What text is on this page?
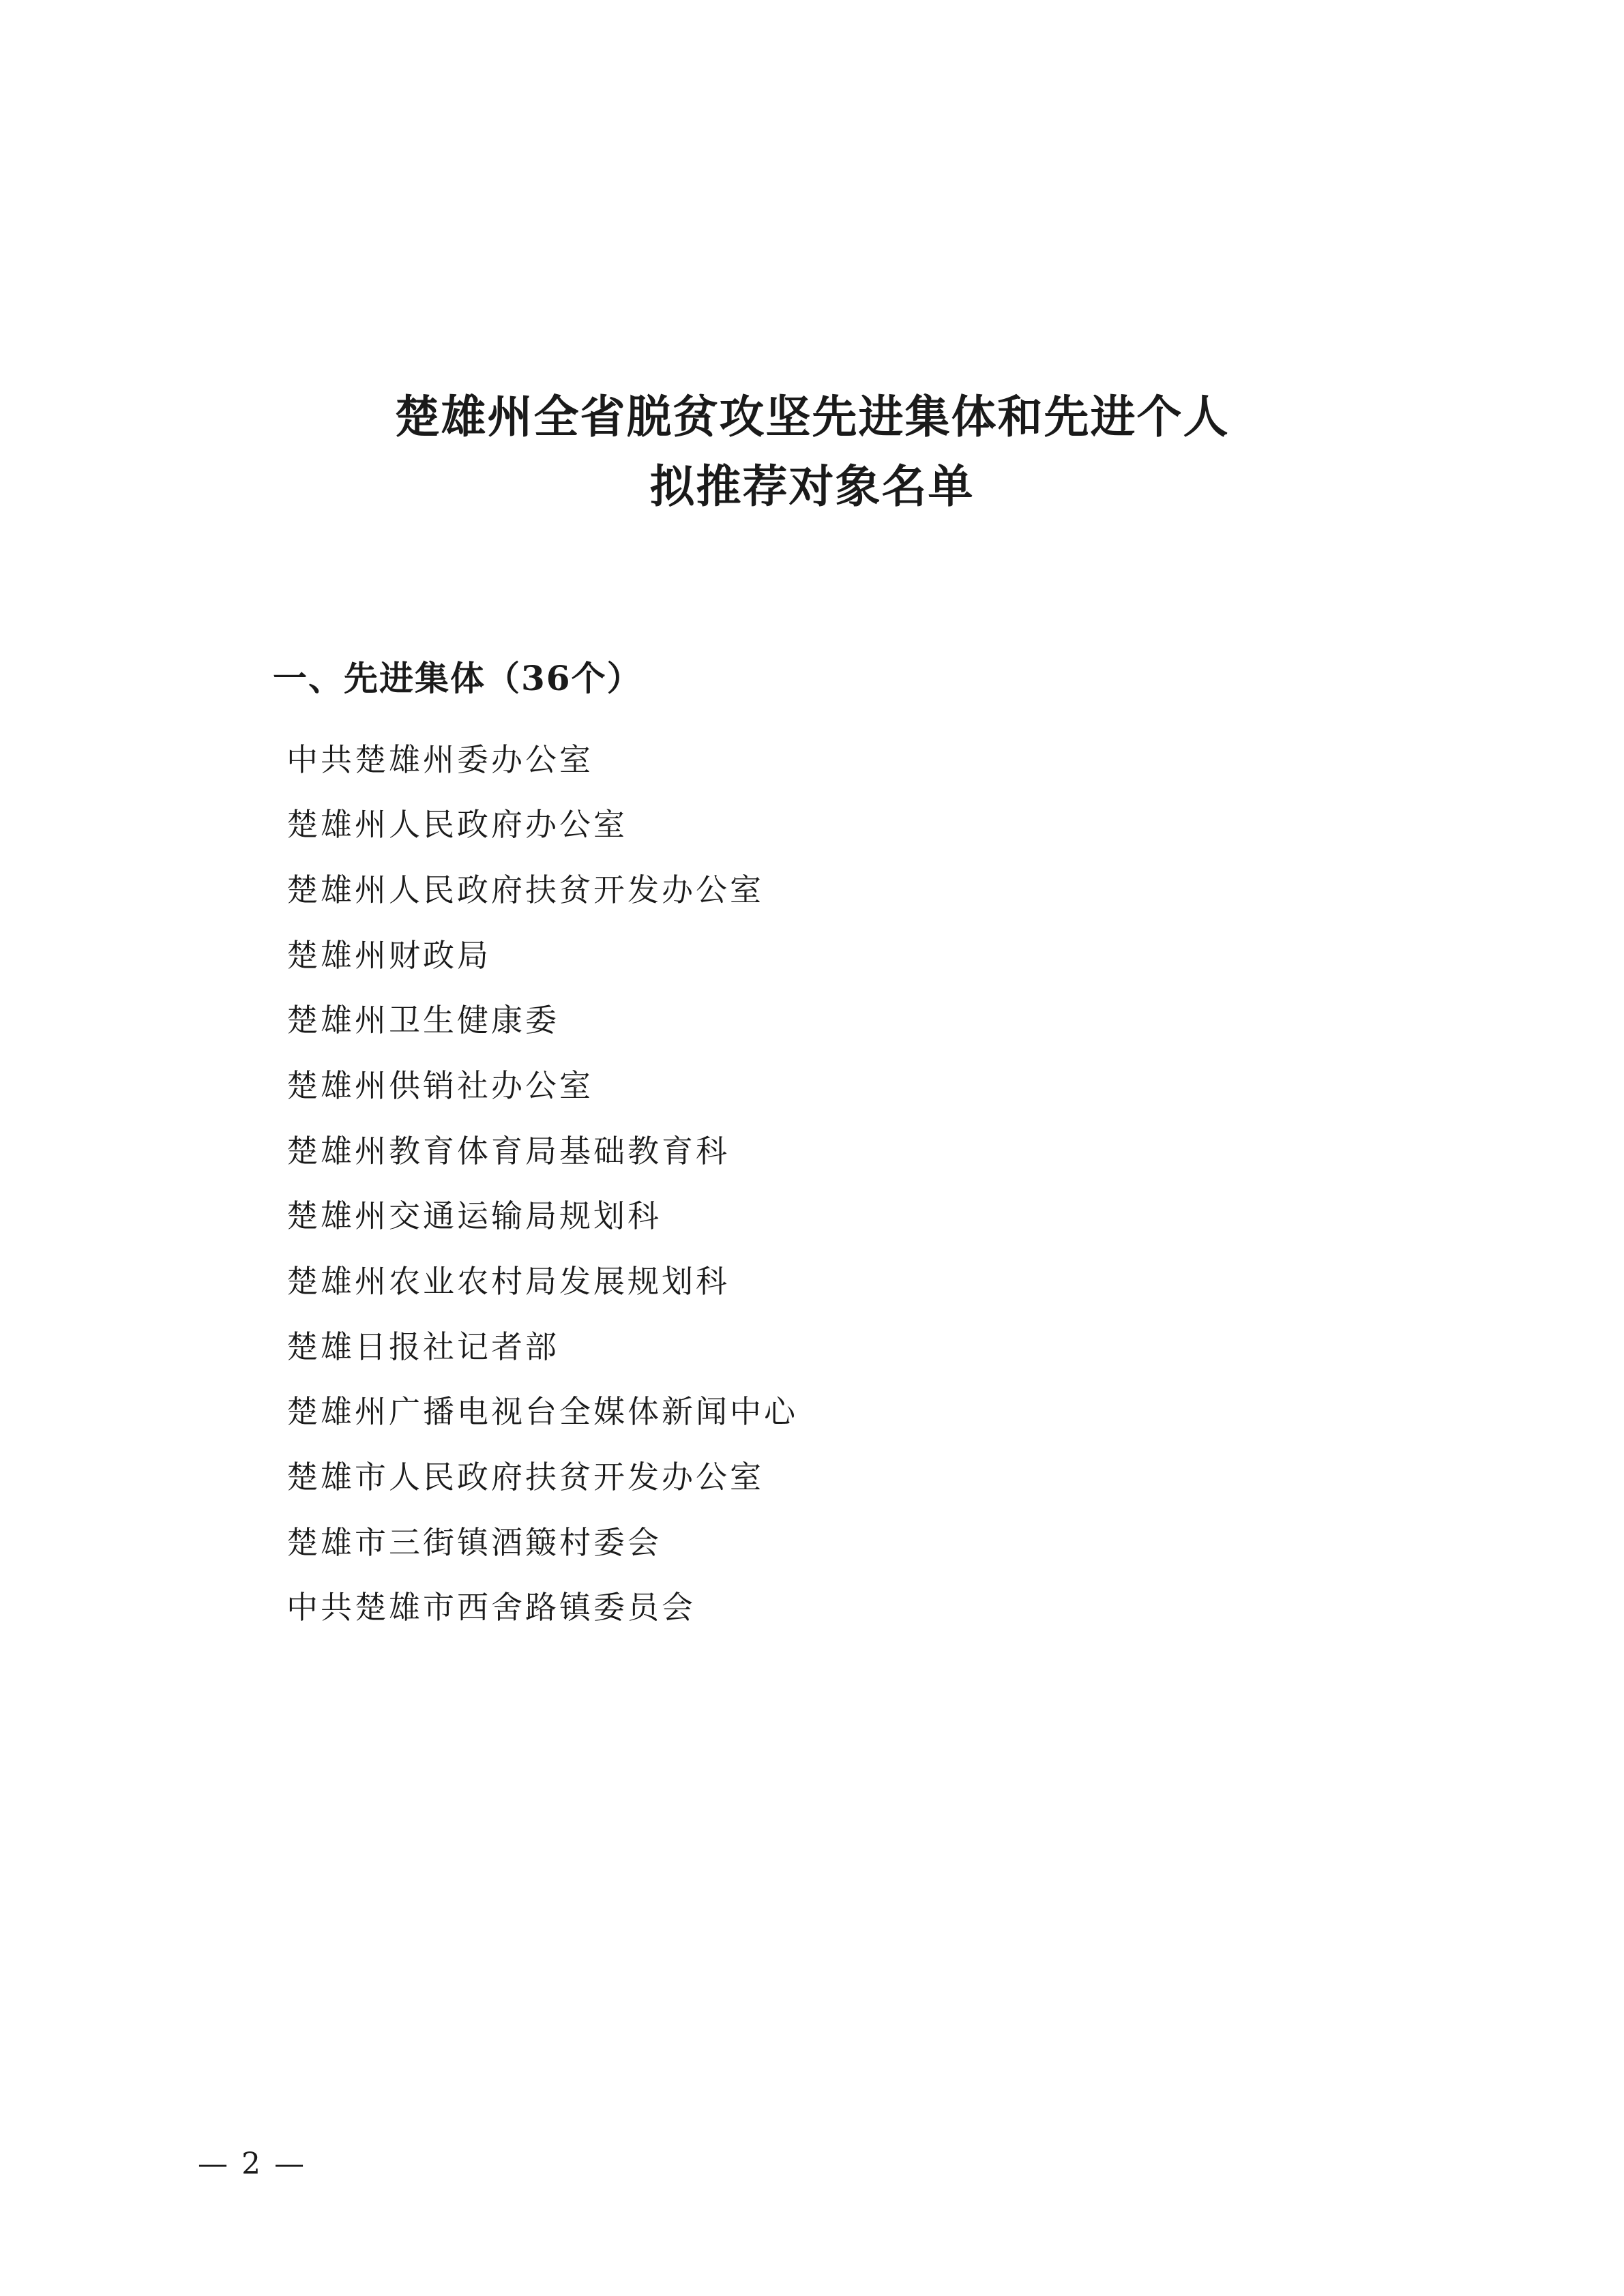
楚雄州全省脱贫攻坚先进集体和先进个人
拟推荐对象名单
一、先进集体（36个）
中共楚雄州委办公室
楚雄州人民政府办公室
楚雄州人民政府扶贫开发办公室
楚雄州财政局
楚雄州卫生健康委
楚雄州供销社办公室
楚雄州教育体育局基础教育科
楚雄州交通运输局规划科
楚雄州农业农村局发展规划科
楚雄日报社记者部
楚雄州广播电视台全媒体新闻中心
楚雄市人民政府扶贫开发办公室
楚雄市三街镇酒簸村委会
中共楚雄市西舍路镇委员会
— 2 —
